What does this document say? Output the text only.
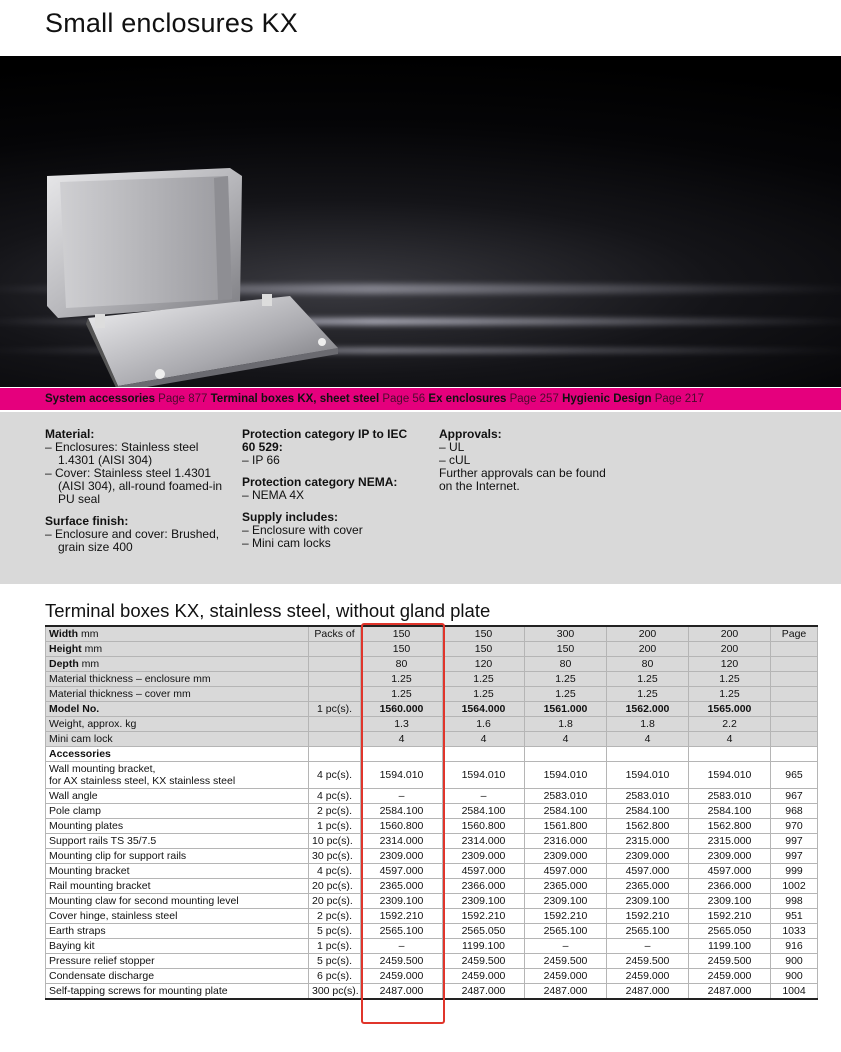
Small enclosures KX
System accessories Page 877 Terminal boxes KX, sheet steel Page 56 Ex enclosures Page 257 Hygienic Design Page 217
Material:
– Enclosures: Stainless steel 1.4301 (AISI 304)
– Cover: Stainless steel 1.4301 (AISI 304), all-round foamed-in PU seal
Surface finish:
– Enclosure and cover: Brushed, grain size 400
Protection category IP to IEC 60 529:
– IP 66
Protection category NEMA:
– NEMA 4X
Supply includes:
– Enclosure with cover
– Mini cam locks
Approvals:
– UL
– cUL
Further approvals can be found on the Internet.
Terminal boxes KX, stainless steel, without gland plate
Width mm	Packs of	150	150	300	200	200	Page
Height mm		150	150	150	200	200	
Depth mm		80	120	80	80	120	
Material thickness – enclosure mm		1.25	1.25	1.25	1.25	1.25	
Material thickness – cover mm		1.25	1.25	1.25	1.25	1.25	
Model No.	1 pc(s).	1560.000	1564.000	1561.000	1562.000	1565.000	
Weight, approx. kg		1.3	1.6	1.8	1.8	2.2	
Mini cam lock		4	4	4	4	4	
Accessories							
Wall mounting bracket,
for AX stainless steel, KX stainless steel	4 pc(s).	1594.010	1594.010	1594.010	1594.010	1594.010	965
Wall angle	4 pc(s).	–	–	2583.010	2583.010	2583.010	967
Pole clamp	2 pc(s).	2584.100	2584.100	2584.100	2584.100	2584.100	968
Mounting plates	1 pc(s).	1560.800	1560.800	1561.800	1562.800	1562.800	970
Support rails TS 35/7.5	10 pc(s).	2314.000	2314.000	2316.000	2315.000	2315.000	997
Mounting clip for support rails	30 pc(s).	2309.000	2309.000	2309.000	2309.000	2309.000	997
Mounting bracket	4 pc(s).	4597.000	4597.000	4597.000	4597.000	4597.000	999
Rail mounting bracket	20 pc(s).	2365.000	2366.000	2365.000	2365.000	2366.000	1002
Mounting claw for second mounting level	20 pc(s).	2309.100	2309.100	2309.100	2309.100	2309.100	998
Cover hinge, stainless steel	2 pc(s).	1592.210	1592.210	1592.210	1592.210	1592.210	951
Earth straps	5 pc(s).	2565.100	2565.050	2565.100	2565.100	2565.050	1033
Baying kit	1 pc(s).	–	1199.100	–	–	1199.100	916
Pressure relief stopper	5 pc(s).	2459.500	2459.500	2459.500	2459.500	2459.500	900
Condensate discharge	6 pc(s).	2459.000	2459.000	2459.000	2459.000	2459.000	900
Self-tapping screws for mounting plate	300 pc(s).	2487.000	2487.000	2487.000	2487.000	2487.000	1004
